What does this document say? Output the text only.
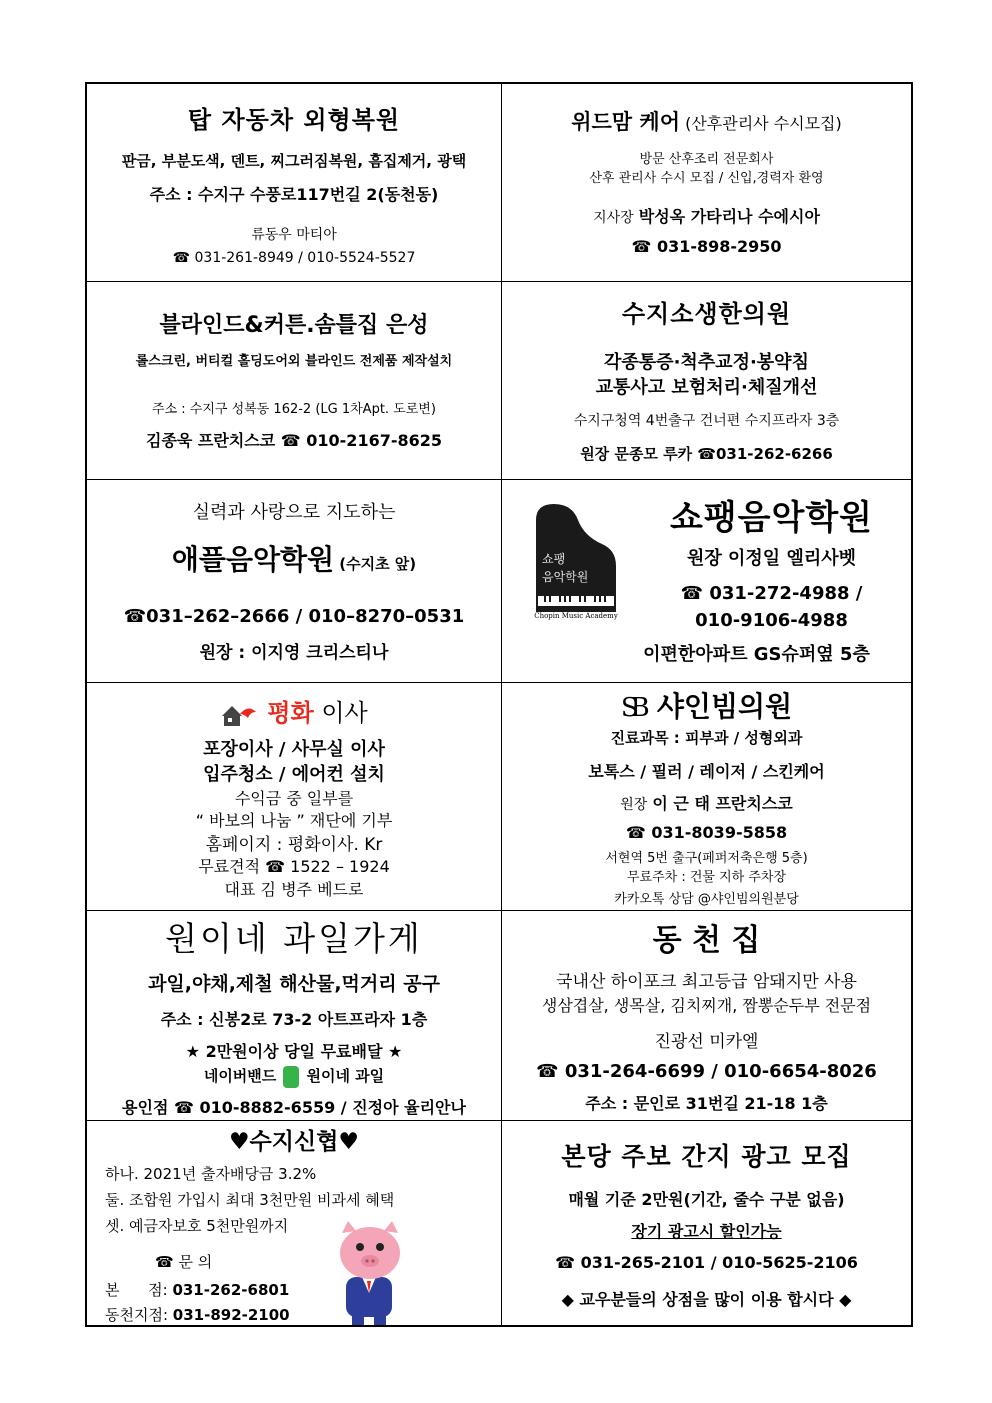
탑 자동차 외형복원
판금, 부분도색, 덴트, 찌그러짐복원, 흠집제거, 광택
주소 : 수지구 수풍로117번길 2(동천동)
류동우 마티아
☎ 031-261-8949 / 010-5524-5527
위드맘 케어 (산후관리사 수시모집)
방문 산후조리 전문회사
산후 관리사 수시 모집 / 신입,경력자 환영
지사장 박성옥 가타리나 수에시아
☎ 031-898-2950
블라인드&커튼.솜틀집 은성
롤스크린, 버티컬 홀딩도어외 블라인드 전제품 제작설치
주소 : 수지구 성복동 162-2 (LG 1차Apt. 도로변)
김종욱 프란치스코 ☎ 010-2167-8625
수지소생한의원
각종통증·척추교정·봉약침
교통사고 보험처리·체질개선
수지구청역 4번출구 건너편 수지프라자 3층
원장 문종모 루카 ☎031-262-6266
실력과 사랑으로 지도하는
애플음악학원 (수지초 앞)
☎031–262–2666 / 010–8270–0531
원장 : 이지영 크리스티나
쇼팽
음악학원
Chopin Music Academy
쇼팽음악학원
원장 이정일 엘리사벳
☎ 031-272-4988 /
010-9106-4988
이편한아파트 GS슈퍼옆 5층
평화 이사
포장이사 / 사무실 이사
입주청소 / 에어컨 설치
수익금 중 일부를
“ 바보의 나눔 ” 재단에 기부
홈페이지 : 평화이사. Kr
무료견적 ☎ 1522 – 1924
대표 김 병주 베드로
SB 샤인빔의원
진료과목 : 피부과 / 성형외과
보톡스 / 필러 / 레이저 / 스킨케어
원장 이 근 태 프란치스코
☎ 031-8039-5858
서현역 5번 출구(페퍼저축은행 5층)
무료주차 : 건물 지하 주차장
카카오톡 상담 @샤인빔의원분당
원이네 과일가게
과일,야채,제철 해산물,먹거리 공구
주소 : 신봉2로 73-2 아트프라자 1층
★ 2만원이상 당일 무료배달 ★
네이버밴드 원이네 과일
용인점 ☎ 010-8882-6559 / 진정아 율리안나
동 천 집
국내산 하이포크 최고등급 암돼지만 사용
생삼겹살, 생목살, 김치찌개, 짬뽕순두부 전문점
진광선 미카엘
☎ 031-264-6699 / 010-6654-8026
주소 : 문인로 31번길 21-18 1층
♥수지신협♥
하나. 2021년 출자배당금 3.2%
둘. 조합원 가입시 최대 3천만원 비과세 혜택
셋. 예금자보호 5천만원까지
☎ 문 의
본      점: 031-262-6801
동천지점: 031-892-2100
본당 주보 간지 광고 모집
매월 기준 2만원(기간, 줄수 구분 없음)
장기 광고시 할인가능
☎ 031-265-2101 / 010-5625-2106
◆ 교우분들의 상점을 많이 이용 합시다 ◆
